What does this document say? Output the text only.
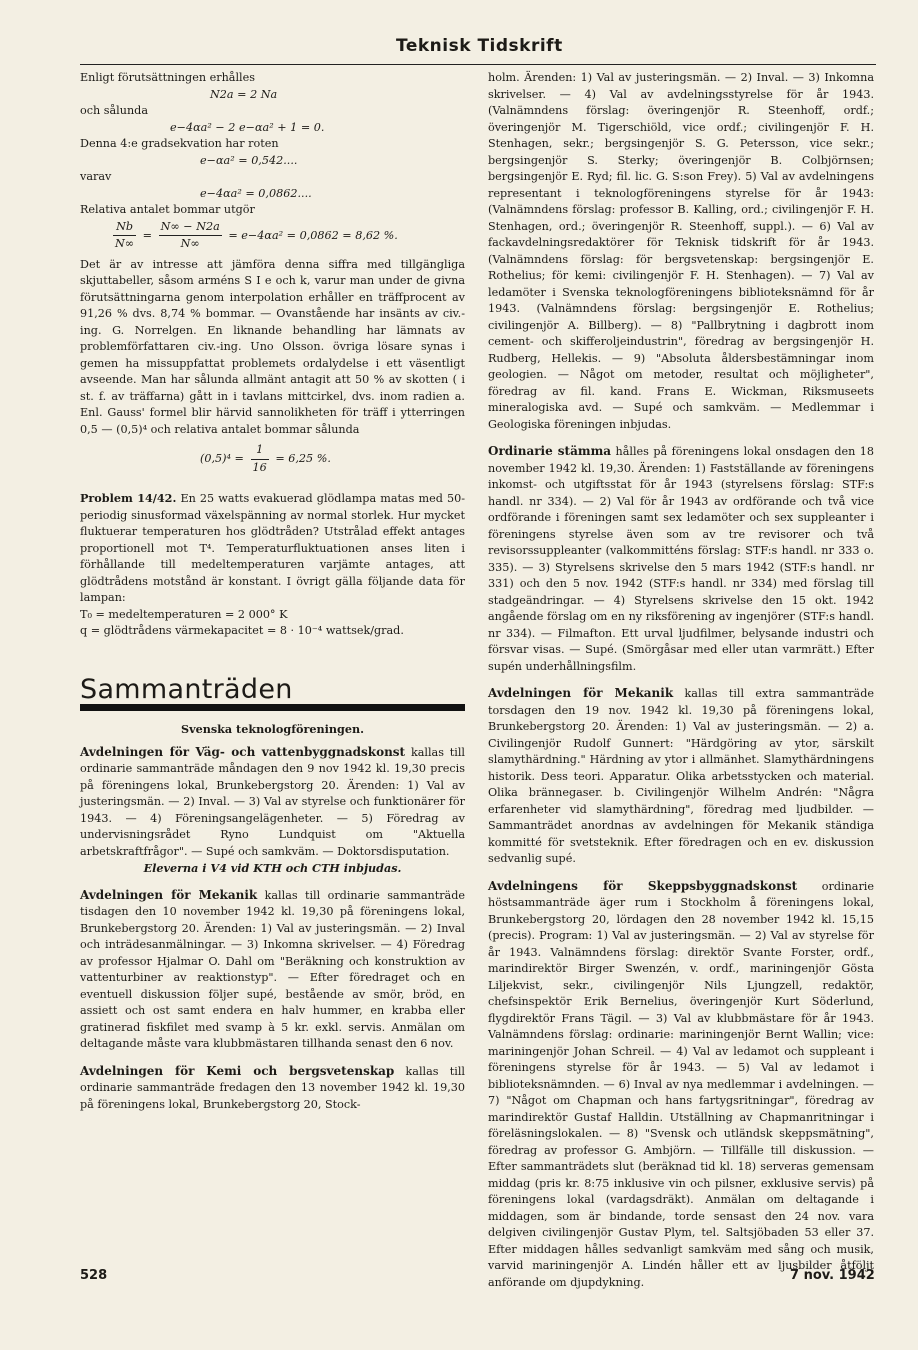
Teknisk Tidskrift

Enligt förutsättningen erhålles

N2a = 2 Na

och sålunda

e−4αa² − 2 e−αa² + 1 = 0.

Denna 4:e gradsekvation har roten

e−αa² = 0,542....

varav

e−4αa² = 0,0862....

Relativa antalet bommar utgör

$\frac{Nb}{N\infty} = \frac{N\infty - N2a}{N\infty} = e-4\alpha a^2 = 0,0862 = 8,62$ %.

Det är av intresse att jämföra denna siffra med tillgängliga skjuttabeller, såsom arméns S I e och k, varur man under de givna förutsättningarna genom interpolation erhåller en träffprocent av 91,26 % dvs. 8,74 % bommar. — Ovanstående har insänts av civ.-ing. G. Norrelgen. En liknande behandling har lämnats av problemförfattaren civ.-ing. Uno Olsson. övriga lösare synas i gemen ha missuppfattat problemets ordalydelse i ett väsentligt avseende. Man har sålunda allmänt antagit att 50 % av skotten ( i st. f. av träffarna) gått in i tavlans mittcirkel, dvs. inom radien a. Enl. Gauss' formel blir härvid sannolikheten för träff i ytterringen 0,5 — (0,5)⁴ och relativa antalet bommar sålunda

$(0,5)^4 = \frac{1}{16} = 6,25$ %.

Problem 14/42. En 25 watts evakuerad glödlampa matas med 50-periodig sinusformad växelspänning av normal storlek. Hur mycket fluktuerar temperaturen hos glödtråden? Utstrålad effekt antages proportionell mot T⁴. Temperaturfluktuationen anses liten i förhållande till medeltemperaturen varjämte antages, att glödtrådens motstånd är konstant. I övrigt gälla följande data för lampan:

T₀ = medeltemperaturen = 2 000° K

q = glödtrådens värmekapacitet = 8 · 10⁻⁴ wattsek/grad.

Sammanträden

Svenska teknologföreningen.

Avdelningen för Väg- och vattenbyggnadskonst kallas till ordinarie sammanträde måndagen den 9 nov 1942 kl. 19,30 precis på föreningens lokal, Brunkebergstorg 20. Ärenden: 1) Val av justeringsmän. — 2) Inval. — 3) Val av styrelse och funktionärer för 1943. — 4) Föreningsangelägenheter. — 5) Föredrag av undervisningsrådet Ryno Lundquist om "Aktuella arbetskraftfrågor". — Supé och samkväm. — Doktorsdisputation.

Eleverna i V4 vid KTH och CTH inbjudas.

Avdelningen för Mekanik kallas till ordinarie sammanträde tisdagen den 10 november 1942 kl. 19,30 på föreningens lokal, Brunkebergstorg 20. Ärenden: 1) Val av justeringsmän. — 2) Inval och inträdesanmälningar. — 3) Inkomna skrivelser. — 4) Föredrag av professor Hjalmar O. Dahl om "Beräkning och konstruktion av vattenturbiner av reaktionstyp". — Efter föredraget och en eventuell diskussion följer supé, bestående av smör, bröd, en assiett och ost samt endera en halv hummer, en krabba eller gratinerad fiskfilet med svamp à 5 kr. exkl. servis. Anmälan om deltagande måste vara klubbmästaren tillhanda senast den 6 nov.

Avdelningen för Kemi och bergsvetenskap kallas till ordinarie sammanträde fredagen den 13 november 1942 kl. 19,30 på föreningens lokal, Brunkebergstorg 20, Stock-

holm. Ärenden: 1) Val av justeringsmän. — 2) Inval. — 3) Inkomna skrivelser. — 4) Val av avdelningsstyrelse för år 1943. (Valnämndens förslag: överingenjör R. Steenhoff, ordf.; överingenjör M. Tigerschiöld, vice ordf.; civilingenjör F. H. Stenhagen, sekr.; bergsingenjör S. G. Petersson, vice sekr.; bergsingenjör S. Sterky; överingenjör B. Colbjörnsen; bergsingenjör E. Ryd; fil. lic. G. S:son Frey). 5) Val av avdelningens representant i teknologföreningens styrelse för år 1943: (Valnämndens förslag: professor B. Kalling, ord.; civilingenjör F. H. Stenhagen, ord.; överingenjör R. Steenhoff, suppl.). — 6) Val av fackavdelningsredaktörer för Teknisk tidskrift för år 1943. (Valnämndens förslag: för bergsvetenskap: bergsingenjör E. Rothelius; för kemi: civilingenjör F. H. Stenhagen). — 7) Val av ledamöter i Svenska teknologföreningens biblioteksnämnd för år 1943. (Valnämndens förslag: bergsingenjör E. Rothelius; civilingenjör A. Billberg). — 8) "Pallbrytning i dagbrott inom cement- och skifferoljeindustrin", föredrag av bergsingenjör H. Rudberg, Hellekis. — 9) "Absoluta åldersbestämningar inom geologien. — Något om metoder, resultat och möjligheter", föredrag av fil. kand. Frans E. Wickman, Riksmuseets mineralogiska avd. — Supé och samkväm. — Medlemmar i Geologiska föreningen inbjudas.

Ordinarie stämma hålles på föreningens lokal onsdagen den 18 november 1942 kl. 19,30. Ärenden: 1) Fastställande av föreningens inkomst- och utgiftsstat för år 1943 (styrelsens förslag: STF:s handl. nr 334). — 2) Val för år 1943 av ordförande och två vice ordförande i föreningen samt sex ledamöter och sex suppleanter i föreningens styrelse även som av tre revisorer och två revisorssuppleanter (valkommitténs förslag: STF:s handl. nr 333 o. 335). — 3) Styrelsens skrivelse den 5 mars 1942 (STF:s handl. nr 331) och den 5 nov. 1942 (STF:s handl. nr 334) med förslag till stadgeändringar. — 4) Styrelsens skrivelse den 15 okt. 1942 angående förslag om en ny riksförening av ingenjörer (STF:s handl. nr 334). — Filmafton. Ett urval ljudfilmer, belysande industri och försvar visas. — Supé. (Smörgåsar med eller utan varmrätt.) Efter supén underhållningsfilm.

Avdelningen för Mekanik kallas till extra sammanträde torsdagen den 19 nov. 1942 kl. 19,30 på föreningens lokal, Brunkebergstorg 20. Ärenden: 1) Val av justeringsmän. — 2) a. Civilingenjör Rudolf Gunnert: "Härdgöring av ytor, särskilt slamythärdning." Härdning av ytor i allmänhet. Slamythärdningens historik. Dess teori. Apparatur. Olika arbetsstycken och material. Olika brännegaser. b. Civilingenjör Wilhelm Andrén: "Några erfarenheter vid slamythärdning", föredrag med ljudbilder. — Sammanträdet anordnas av avdelningen för Mekanik ständiga kommitté för svetsteknik. Efter föredragen och en ev. diskussion sedvanlig supé.

Avdelningens för Skeppsbyggnadskonst ordinarie höstsammanträde äger rum i Stockholm å föreningens lokal, Brunkebergstorg 20, lördagen den 28 november 1942 kl. 15,15 (precis). Program: 1) Val av justeringsmän. — 2) Val av styrelse för år 1943. Valnämndens förslag: direktör Svante Forster, ordf., marindirektör Birger Swenzén, v. ordf., mariningenjör Gösta Liljekvist, sekr., civilingenjör Nils Ljungzell, redaktör, chefsinspektör Erik Bernelius, överingenjör Kurt Söderlund, flygdirektör Frans Tägil. — 3) Val av klubbmästare för år 1943. Valnämndens förslag: ordinarie: mariningenjör Bernt Wallin; vice: mariningenjör Johan Schreil. — 4) Val av ledamot och suppleant i föreningens styrelse för år 1943. — 5) Val av ledamot i biblioteksnämnden. — 6) Inval av nya medlemmar i avdelningen. — 7) "Något om Chapman och hans fartygsritningar", föredrag av marindirektör Gustaf Halldin. Utställning av Chapmanritningar i föreläsningslokalen. — 8) "Svensk och utländsk skeppsmätning", föredrag av professor G. Ambjörn. — Tillfälle till diskussion. — Efter sammanträdets slut (beräknad tid kl. 18) serveras gemensam middag (pris kr. 8:75 inklusive vin och pilsner, exklusive servis) på föreningens lokal (vardagsdräkt). Anmälan om deltagande i middagen, som är bindande, torde sensast den 24 nov. vara delgiven civilingenjör Gustav Plym, tel. Saltsjöbaden 53 eller 37. Efter middagen hålles sedvanligt samkväm med sång och musik, varvid mariningenjör A. Lindén håller ett av ljusbilder åtföljt anförande om djupdykning.

528	7 nov. 1942
